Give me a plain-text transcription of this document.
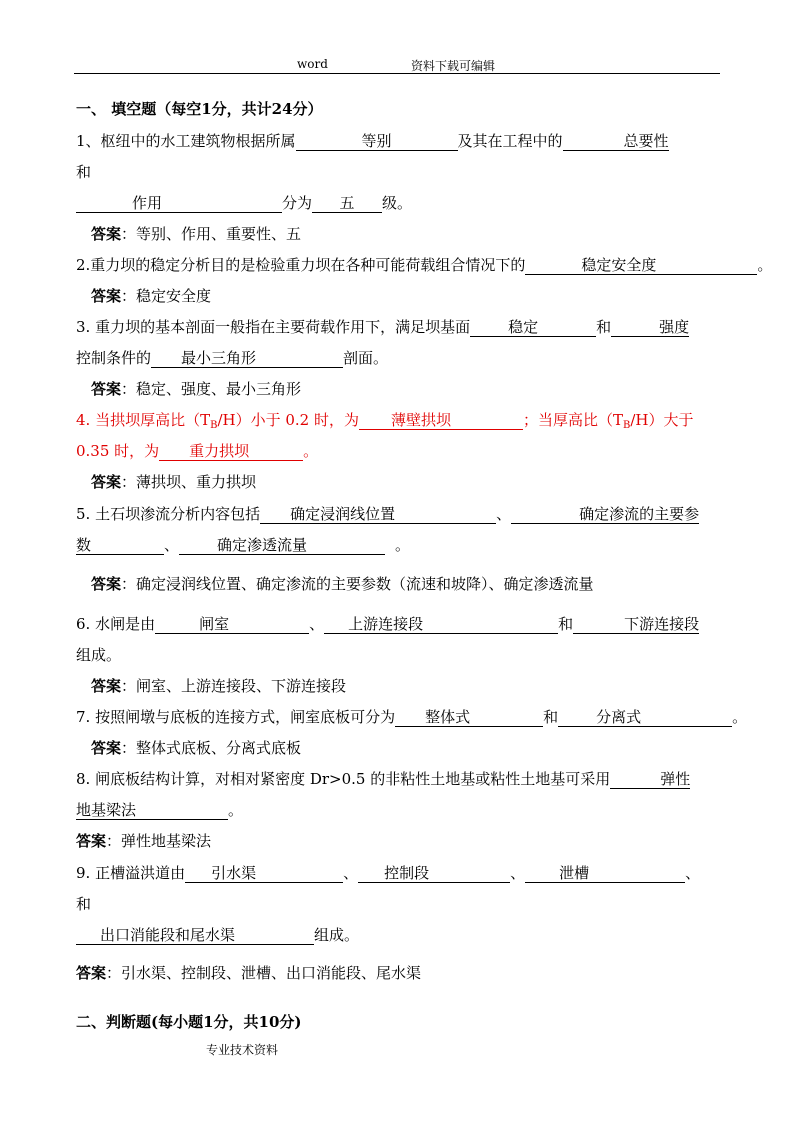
word	资料下载可编辑
一、 填空题（每空1分，共计24分）
1、枢纽中的水工建筑物根据所属	等别	及其在工程中的	总要性
和
作用	分为 五 级。
答案：等别、作用、重要性、五
2.重力坝的稳定分析目的是检验重力坝在各种可能荷载组合情况下的	稳定安全度	。
答案：稳定安全度
3. 重力坝的基本剖面一般指在主要荷载作用下，满足坝基面	稳定	和	强度
控制条件的 最小三角形	剖面。
答案：稳定、强度、最小三角形
4. 当拱坝厚高比$(T_B/H)$小于 0.2 时，为 薄壁拱坝	；当厚高比$(T_B/H)$大于
0.35 时，为 重力拱坝	。
答案：薄拱坝、重力拱坝
5. 土石坝渗流分析内容包括 确定浸润线位置	、	确定渗流的主要参
数	、	确定渗透流量	。
答案：确定浸润线位置、确定渗流的主要参数（流速和坡降）、确定渗透流量
6. 水闸是由	闸室	、 上游连接段	和	下游连接段
组成。
答案：闸室、上游连接段、下游连接段
7. 按照闸墩与底板的连接方式，闸室底板可分为 整体式	和	分离式	。
答案：整体式底板、分离式底板
8. 闸底板结构计算，对相对紧密度 Dr>0.5 的非粘性土地基或粘性土地基可采用	弹性
地基梁法	。
答案：弹性地基梁法
9. 正槽溢洪道由 引水渠	、 控制段	、 泄槽	、
和
出口消能段和尾水渠	组成。
答案：引水渠、控制段、泄槽、出口消能段、尾水渠
二、判断题(每小题1分，共10分)
专业技术资料
